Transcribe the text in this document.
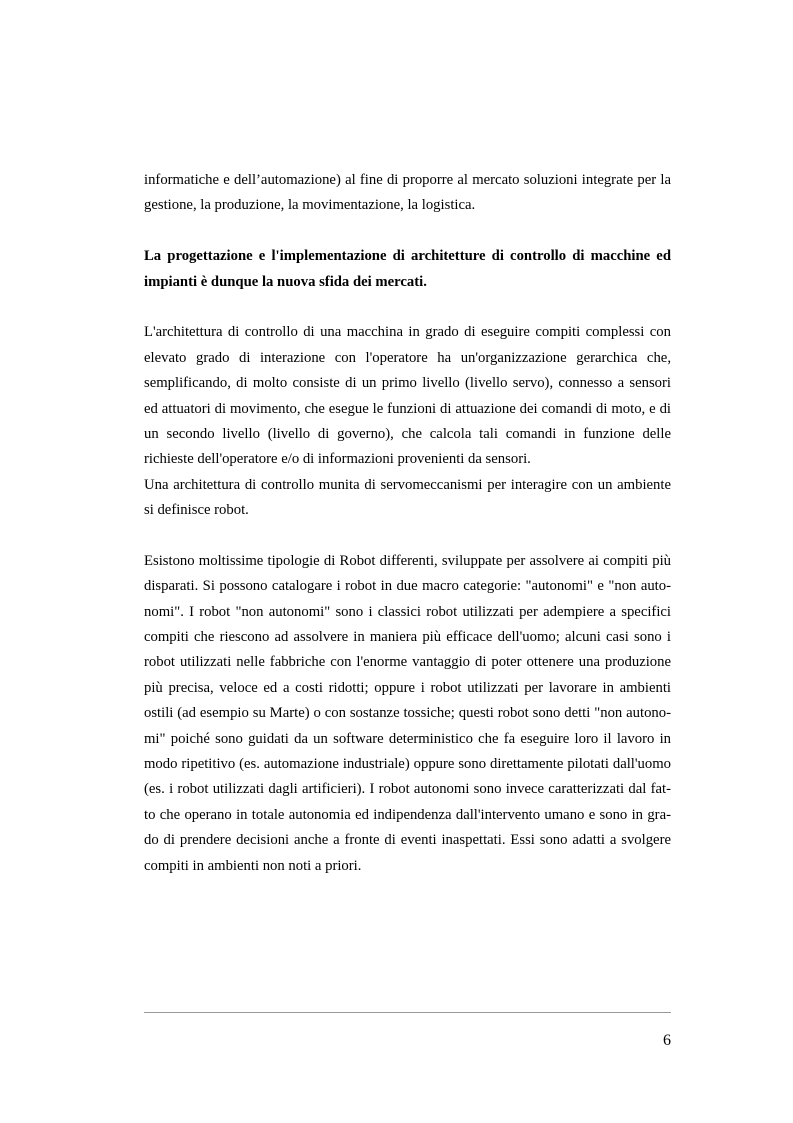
informatiche e dell’automazione) al fine di proporre al mercato soluzioni integrate per la
gestione, la produzione, la movimentazione, la logistica.
La progettazione e l'implementazione di architetture di controllo di macchine ed
impianti è dunque la nuova sfida dei mercati.
L'architettura di controllo di una macchina in grado di eseguire compiti complessi con
elevato grado di interazione con l'operatore ha un'organizzazione gerarchica che,
semplificando, di molto consiste di un primo livello (livello servo), connesso a sensori
ed attuatori di movimento, che esegue le funzioni di attuazione dei comandi di moto, e di
un secondo livello (livello di governo), che calcola tali comandi in funzione delle
richieste dell'operatore e/o di informazioni provenienti da sensori.
Una architettura di controllo munita di servomeccanismi per interagire con un ambiente
si definisce robot.
Esistono moltissime tipologie di Robot differenti, sviluppate per assolvere ai compiti più
disparati. Si possono catalogare i robot in due macro categorie: "autonomi" e "non auto-
nomi". I robot "non autonomi" sono i classici robot utilizzati per adempiere a specifici
compiti che riescono ad assolvere in maniera più efficace dell'uomo; alcuni casi sono i
robot utilizzati nelle fabbriche con l'enorme vantaggio di poter ottenere una produzione
più precisa, veloce ed a costi ridotti; oppure i robot utilizzati per lavorare in ambienti
ostili (ad esempio su Marte) o con sostanze tossiche; questi robot sono detti "non autono-
mi" poiché sono guidati da un software deterministico che fa eseguire loro il lavoro in
modo ripetitivo (es. automazione industriale) oppure sono direttamente pilotati dall'uomo
(es. i robot utilizzati dagli artificieri). I robot autonomi sono invece caratterizzati dal fat-
to che operano in totale autonomia ed indipendenza dall'intervento umano e sono in gra-
do di prendere decisioni anche a fronte di eventi inaspettati. Essi sono adatti a svolgere
compiti in ambienti non noti a priori.
6
